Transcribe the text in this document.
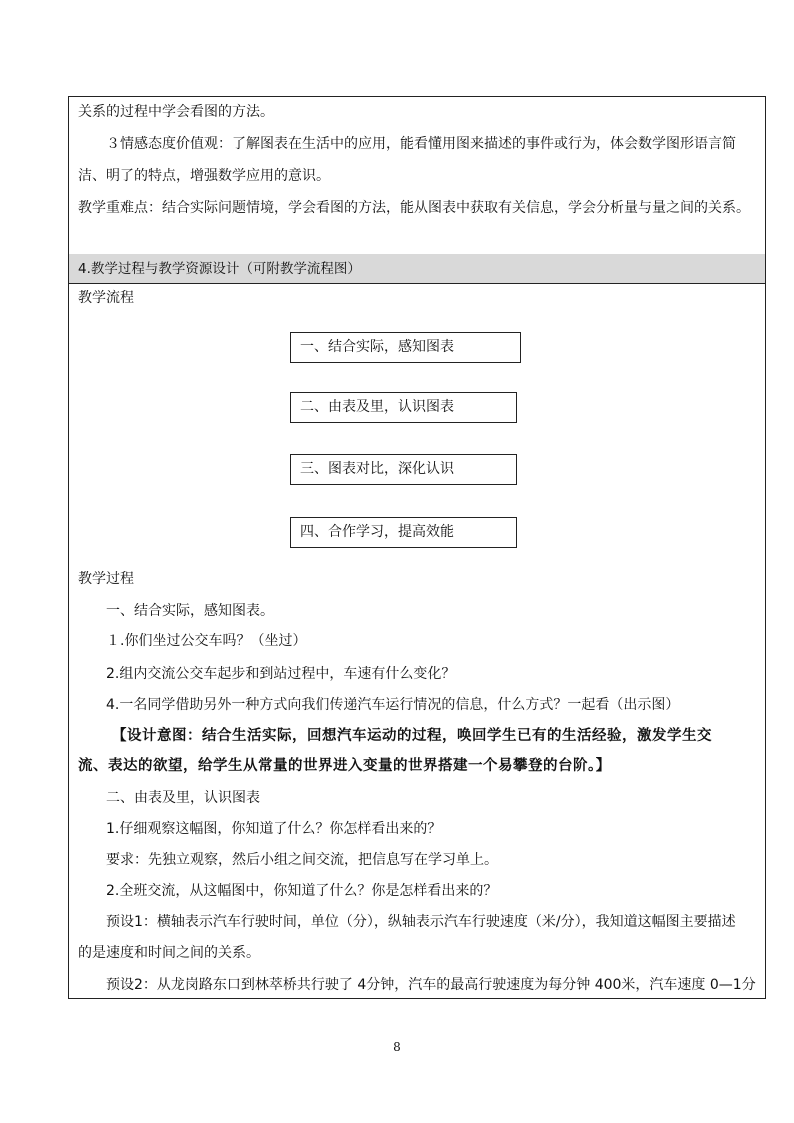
关系的过程中学会看图的方法。
３情感态度价值观：了解图表在生活中的应用，能看懂用图来描述的事件或行为，体会数学图形语言简
洁、明了的特点，增强数学应用的意识。
教学重难点：结合实际问题情境，学会看图的方法，能从图表中获取有关信息，学会分析量与量之间的关系。
4.教学过程与教学资源设计（可附教学流程图）
教学流程
一、结合实际，感知图表
二、由表及里，认识图表
三、图表对比，深化认识
四、合作学习，提高效能
教学过程
一、结合实际，感知图表。
１.你们坐过公交车吗？（坐过）
2.组内交流公交车起步和到站过程中，车速有什么变化？
4.一名同学借助另外一种方式向我们传递汽车运行情况的信息，什么方式？一起看（出示图）
【设计意图：结合生活实际，回想汽车运动的过程，唤回学生已有的生活经验，激发学生交
流、表达的欲望，给学生从常量的世界进入变量的世界搭建一个易攀登的台阶。】
二、由表及里，认识图表
1.仔细观察这幅图，你知道了什么？你怎样看出来的？
要求：先独立观察，然后小组之间交流，把信息写在学习单上。
2.全班交流，从这幅图中，你知道了什么？你是怎样看出来的？
预设1：横轴表示汽车行驶时间，单位（分），纵轴表示汽车行驶速度（米/分），我知道这幅图主要描述
的是速度和时间之间的关系。
预设2：从龙岗路东口到林萃桥共行驶了 4分钟，汽车的最高行驶速度为每分钟 400米，汽车速度 0—1分
8
